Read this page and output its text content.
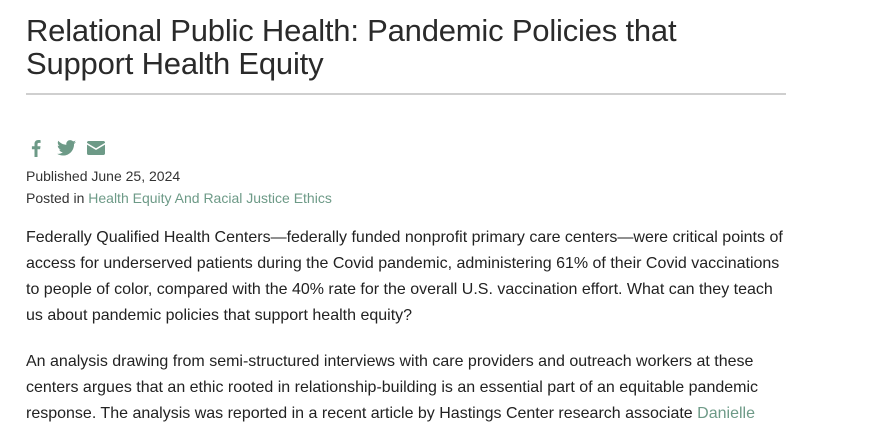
Relational Public Health: Pandemic Policies that
Support Health Equity
Published June 25, 2024
Posted in Health Equity And Racial Justice Ethics

Federally Qualified Health Centers—federally funded nonprofit primary care centers—were critical points of access for underserved patients during the Covid pandemic, administering 61% of their Covid vaccinations to people of color, compared with the 40% rate for the overall U.S. vaccination effort. What can they teach us about pandemic policies that support health equity?

An analysis drawing from semi-structured interviews with care providers and outreach workers at these centers argues that an ethic rooted in relationship-building is an essential part of an equitable pandemic response. The analysis was reported in a recent article by Hastings Center research associate Danielle
